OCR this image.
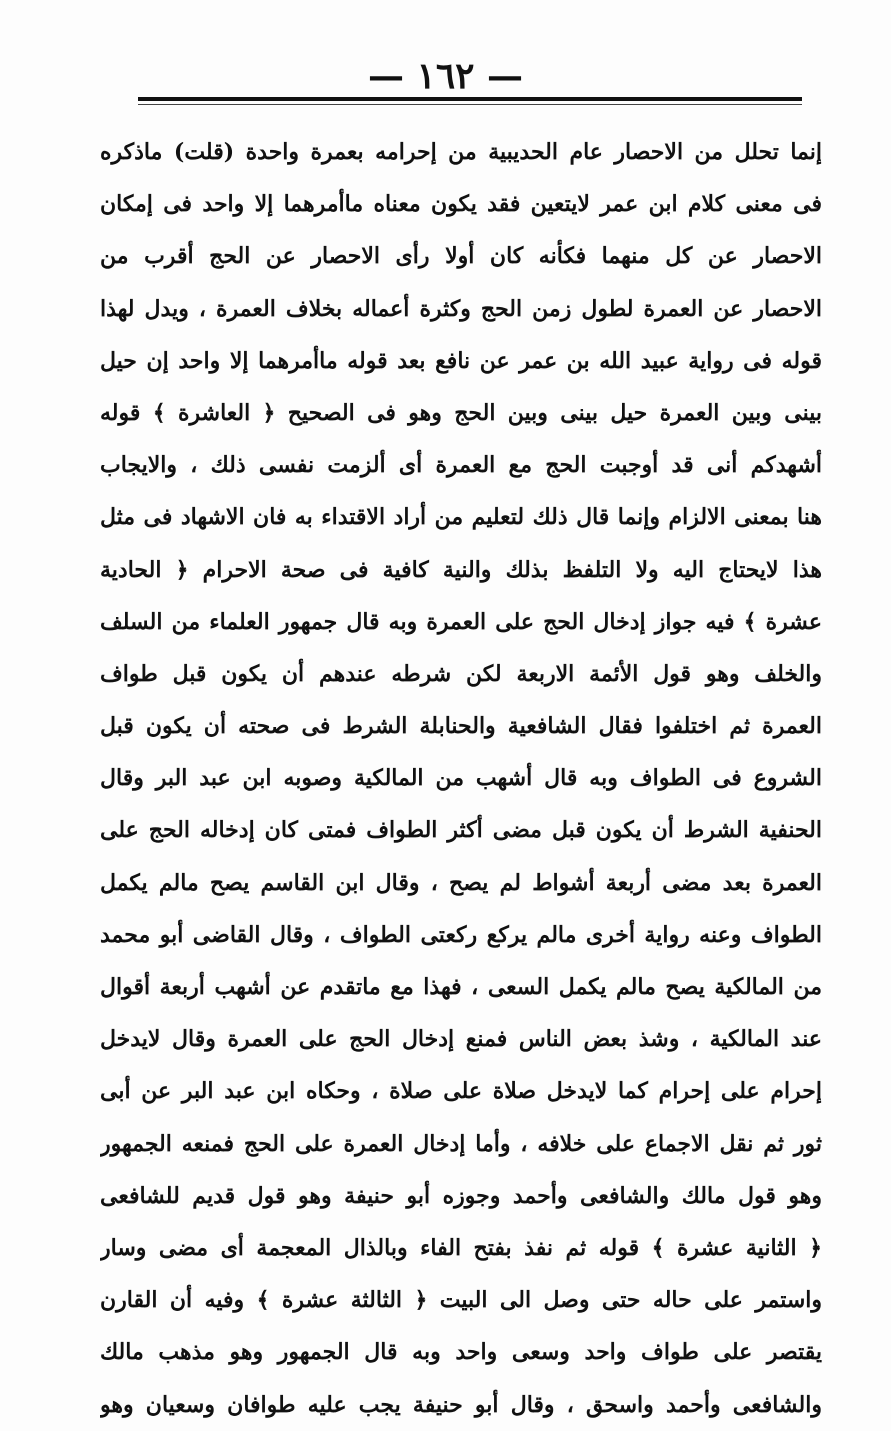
— ١٦٢ —
إنما تحلل من الاحصار عام الحديبية من إحرامه بعمرة واحدة (قلت) ماذكره
فى معنى كلام ابن عمر لايتعين فقد يكون معناه ماأمرهما إلا واحد فى إمكان
الاحصار عن كل منهما فكأنه كان أولا رأى الاحصار عن الحج أقرب من
الاحصار عن العمرة لطول زمن الحج وكثرة أعماله بخلاف العمرة ، ويدل لهذا
قوله فى رواية عبيد الله بن عمر عن نافع بعد قوله ماأمرهما إلا واحد إن حيل
بينى وبين العمرة حيل بينى وبين الحج وهو فى الصحيح ﴿ العاشرة ﴾ قوله
أشهدكم أنى قد أوجبت الحج مع العمرة أى ألزمت نفسى ذلك ، والايجاب
هنا بمعنى الالزام وإنما قال ذلك لتعليم من أراد الاقتداء به فان الاشهاد فى مثل
هذا لايحتاج اليه ولا التلفظ بذلك والنية كافية فى صحة الاحرام ﴿ الحادية
عشرة ﴾ فيه جواز إدخال الحج على العمرة وبه قال جمهور العلماء من السلف
والخلف وهو قول الأئمة الاربعة لكن شرطه عندهم أن يكون قبل طواف
العمرة ثم اختلفوا فقال الشافعية والحنابلة الشرط فى صحته أن يكون قبل
الشروع فى الطواف وبه قال أشهب من المالكية وصوبه ابن عبد البر وقال
الحنفية الشرط أن يكون قبل مضى أكثر الطواف فمتى كان إدخاله الحج على
العمرة بعد مضى أربعة أشواط لم يصح ، وقال ابن القاسم يصح مالم يكمل
الطواف وعنه رواية أخرى مالم يركع ركعتى الطواف ، وقال القاضى أبو محمد
من المالكية يصح مالم يكمل السعى ، فهذا مع ماتقدم عن أشهب أربعة أقوال
عند المالكية ، وشذ بعض الناس فمنع إدخال الحج على العمرة وقال لايدخل
إحرام على إحرام كما لايدخل صلاة على صلاة ، وحكاه ابن عبد البر عن أبى
ثور ثم نقل الاجماع على خلافه ، وأما إدخال العمرة على الحج فمنعه الجمهور
وهو قول مالك والشافعى وأحمد وجوزه أبو حنيفة وهو قول قديم للشافعى
﴿ الثانية عشرة ﴾ قوله ثم نفذ بفتح الفاء وبالذال المعجمة أى مضى وسار
واستمر على حاله حتى وصل الى البيت ﴿ الثالثة عشرة ﴾ وفيه أن القارن
يقتصر على طواف واحد وسعى واحد وبه قال الجمهور وهو مذهب مالك
والشافعى وأحمد واسحق ، وقال أبو حنيفة يجب عليه طوافان وسعيان وهو
